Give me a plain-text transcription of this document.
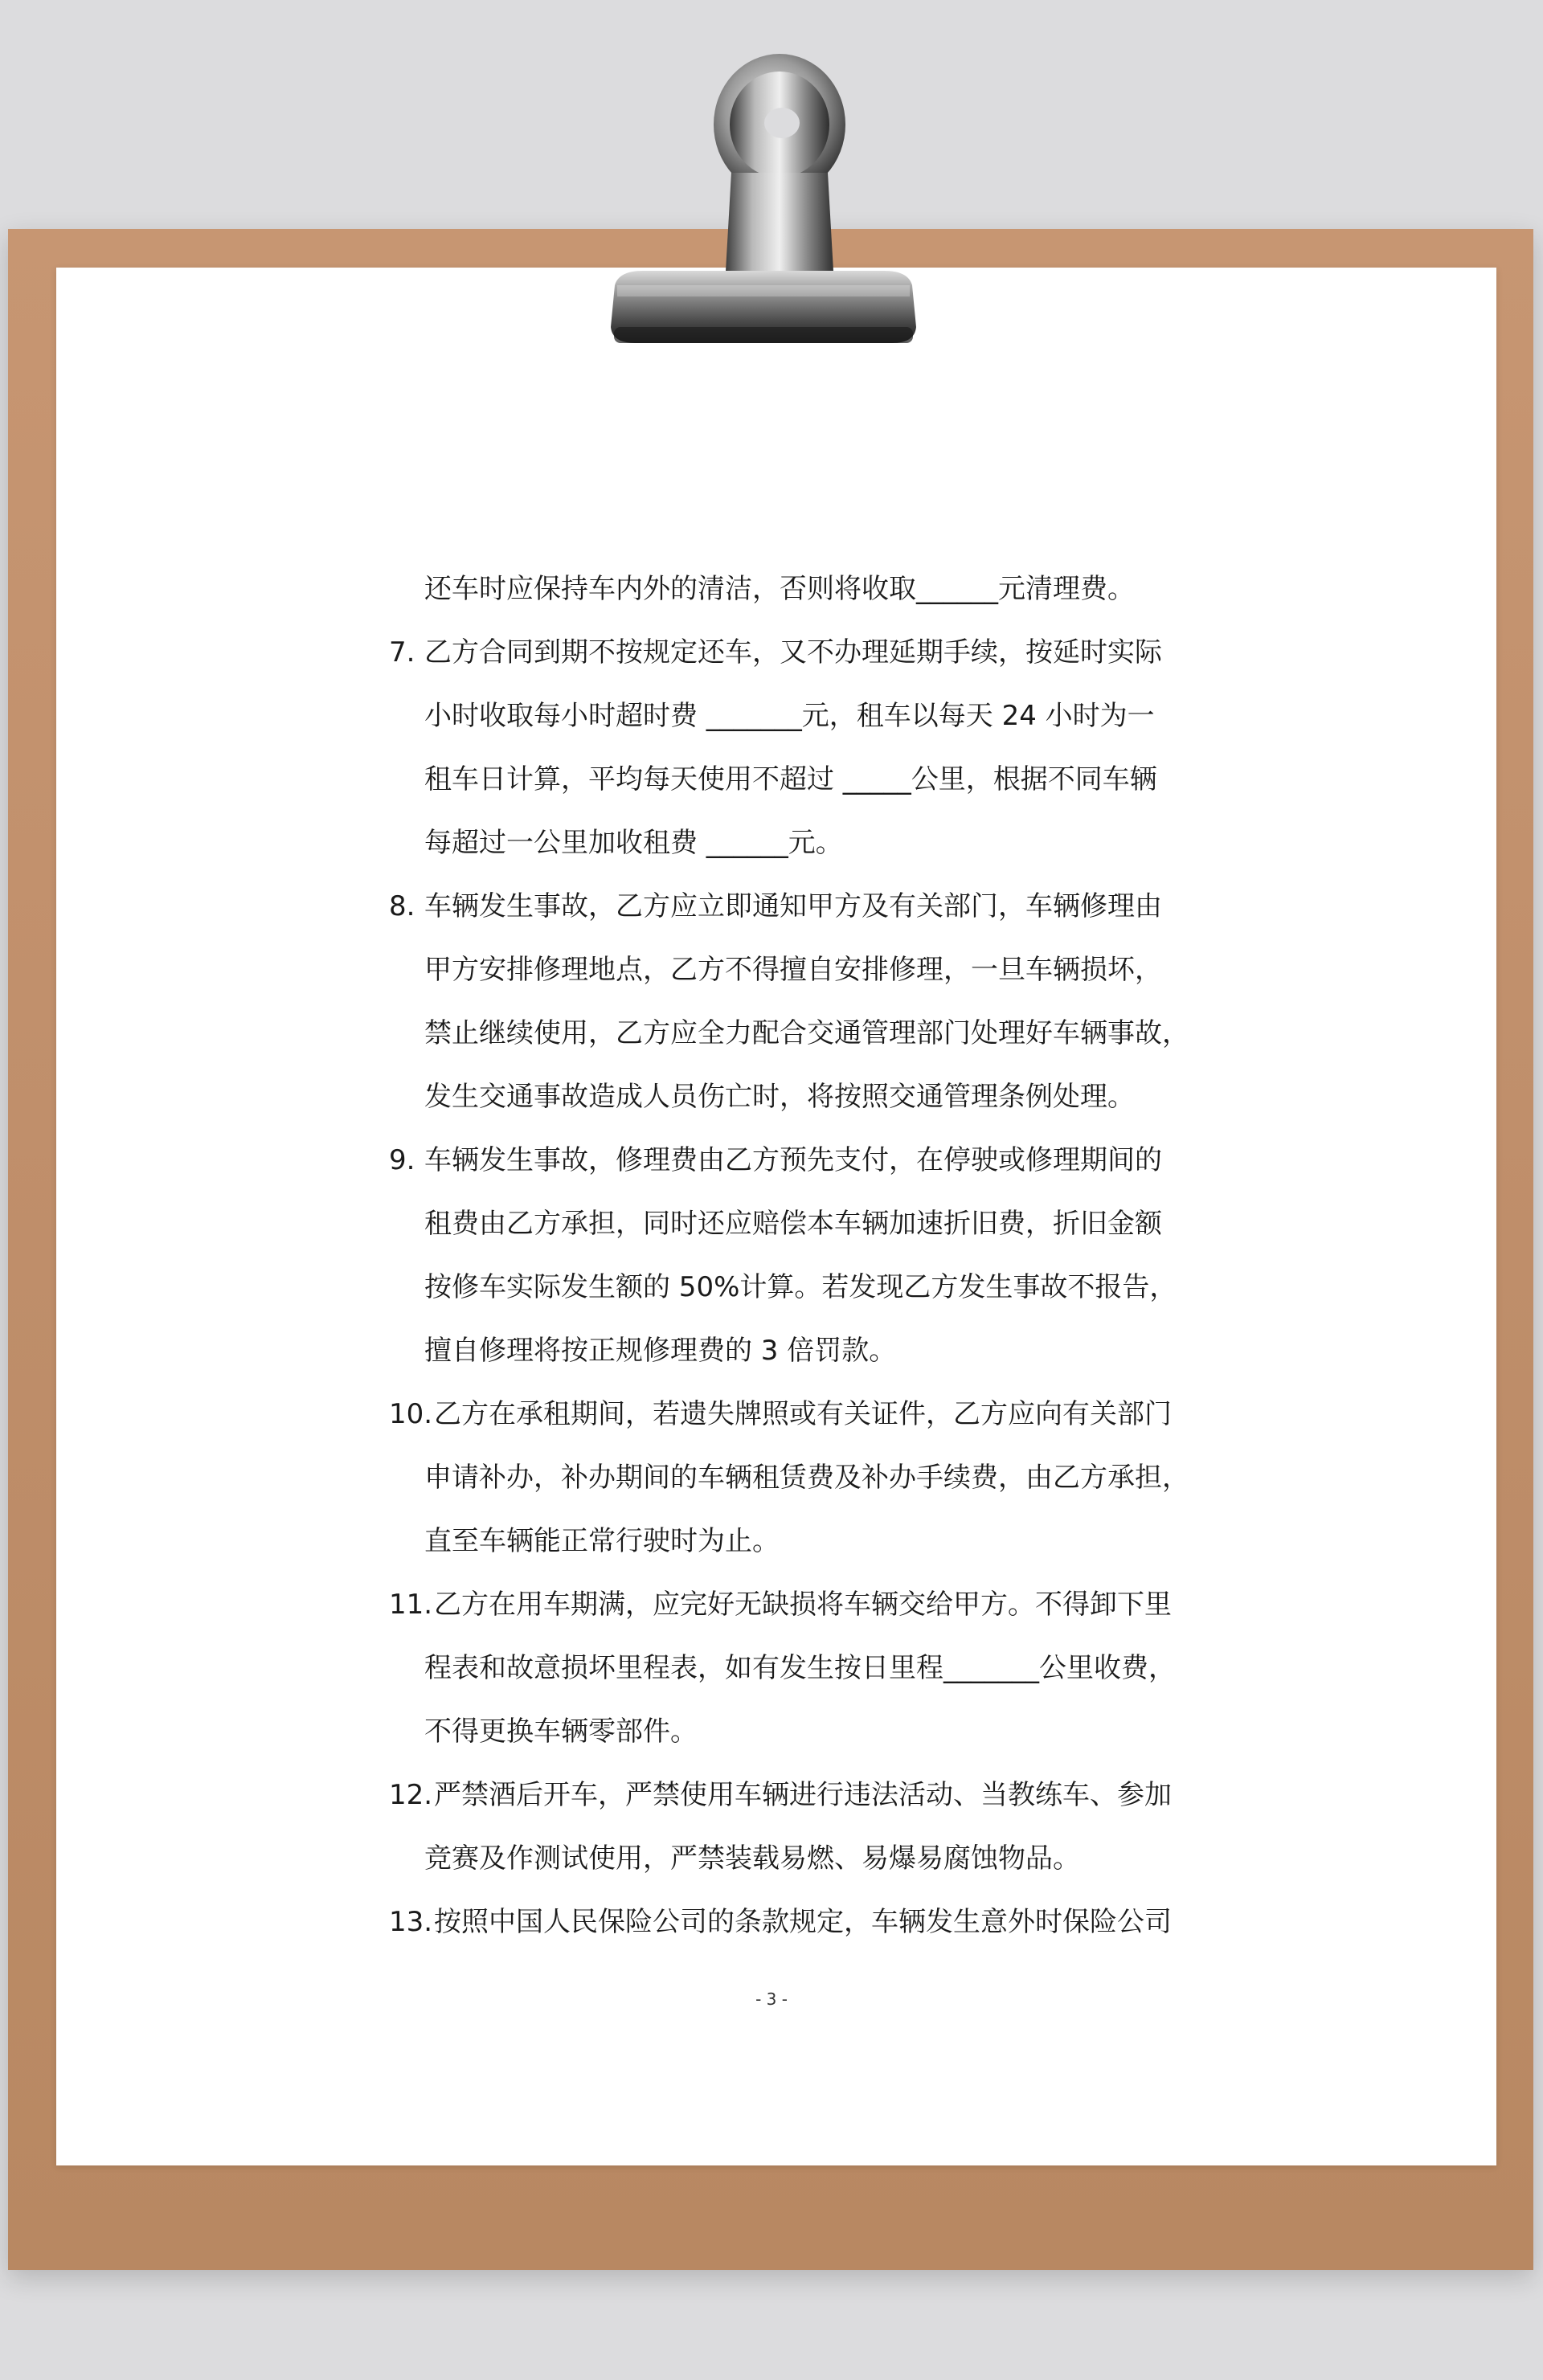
还车时应保持车内外的清洁，否则将收取______元清理费。
7. 乙方合同到期不按规定还车，又不办理延期手续，按延时实际
小时收取每小时超时费 _______元，租车以每天 24 小时为一
租车日计算，平均每天使用不超过 _____公里，根据不同车辆
每超过一公里加收租费 ______元。
8. 车辆发生事故，乙方应立即通知甲方及有关部门，车辆修理由
甲方安排修理地点，乙方不得擅自安排修理，一旦车辆损坏，
禁止继续使用，乙方应全力配合交通管理部门处理好车辆事故，
发生交通事故造成人员伤亡时，将按照交通管理条例处理。
9. 车辆发生事故，修理费由乙方预先支付，在停驶或修理期间的
租费由乙方承担，同时还应赔偿本车辆加速折旧费，折旧金额
按修车实际发生额的 50%计算。若发现乙方发生事故不报告，
擅自修理将按正规修理费的 3 倍罚款。
10.乙方在承租期间，若遗失牌照或有关证件，乙方应向有关部门
申请补办，补办期间的车辆租赁费及补办手续费，由乙方承担，
直至车辆能正常行驶时为止。
11.乙方在用车期满，应完好无缺损将车辆交给甲方。不得卸下里
程表和故意损坏里程表，如有发生按日里程_______公里收费，
不得更换车辆零部件。
12.严禁酒后开车，严禁使用车辆进行违法活动、当教练车、参加
竞赛及作测试使用，严禁装载易燃、易爆易腐蚀物品。
13.按照中国人民保险公司的条款规定，车辆发生意外时保险公司
- 3 -
